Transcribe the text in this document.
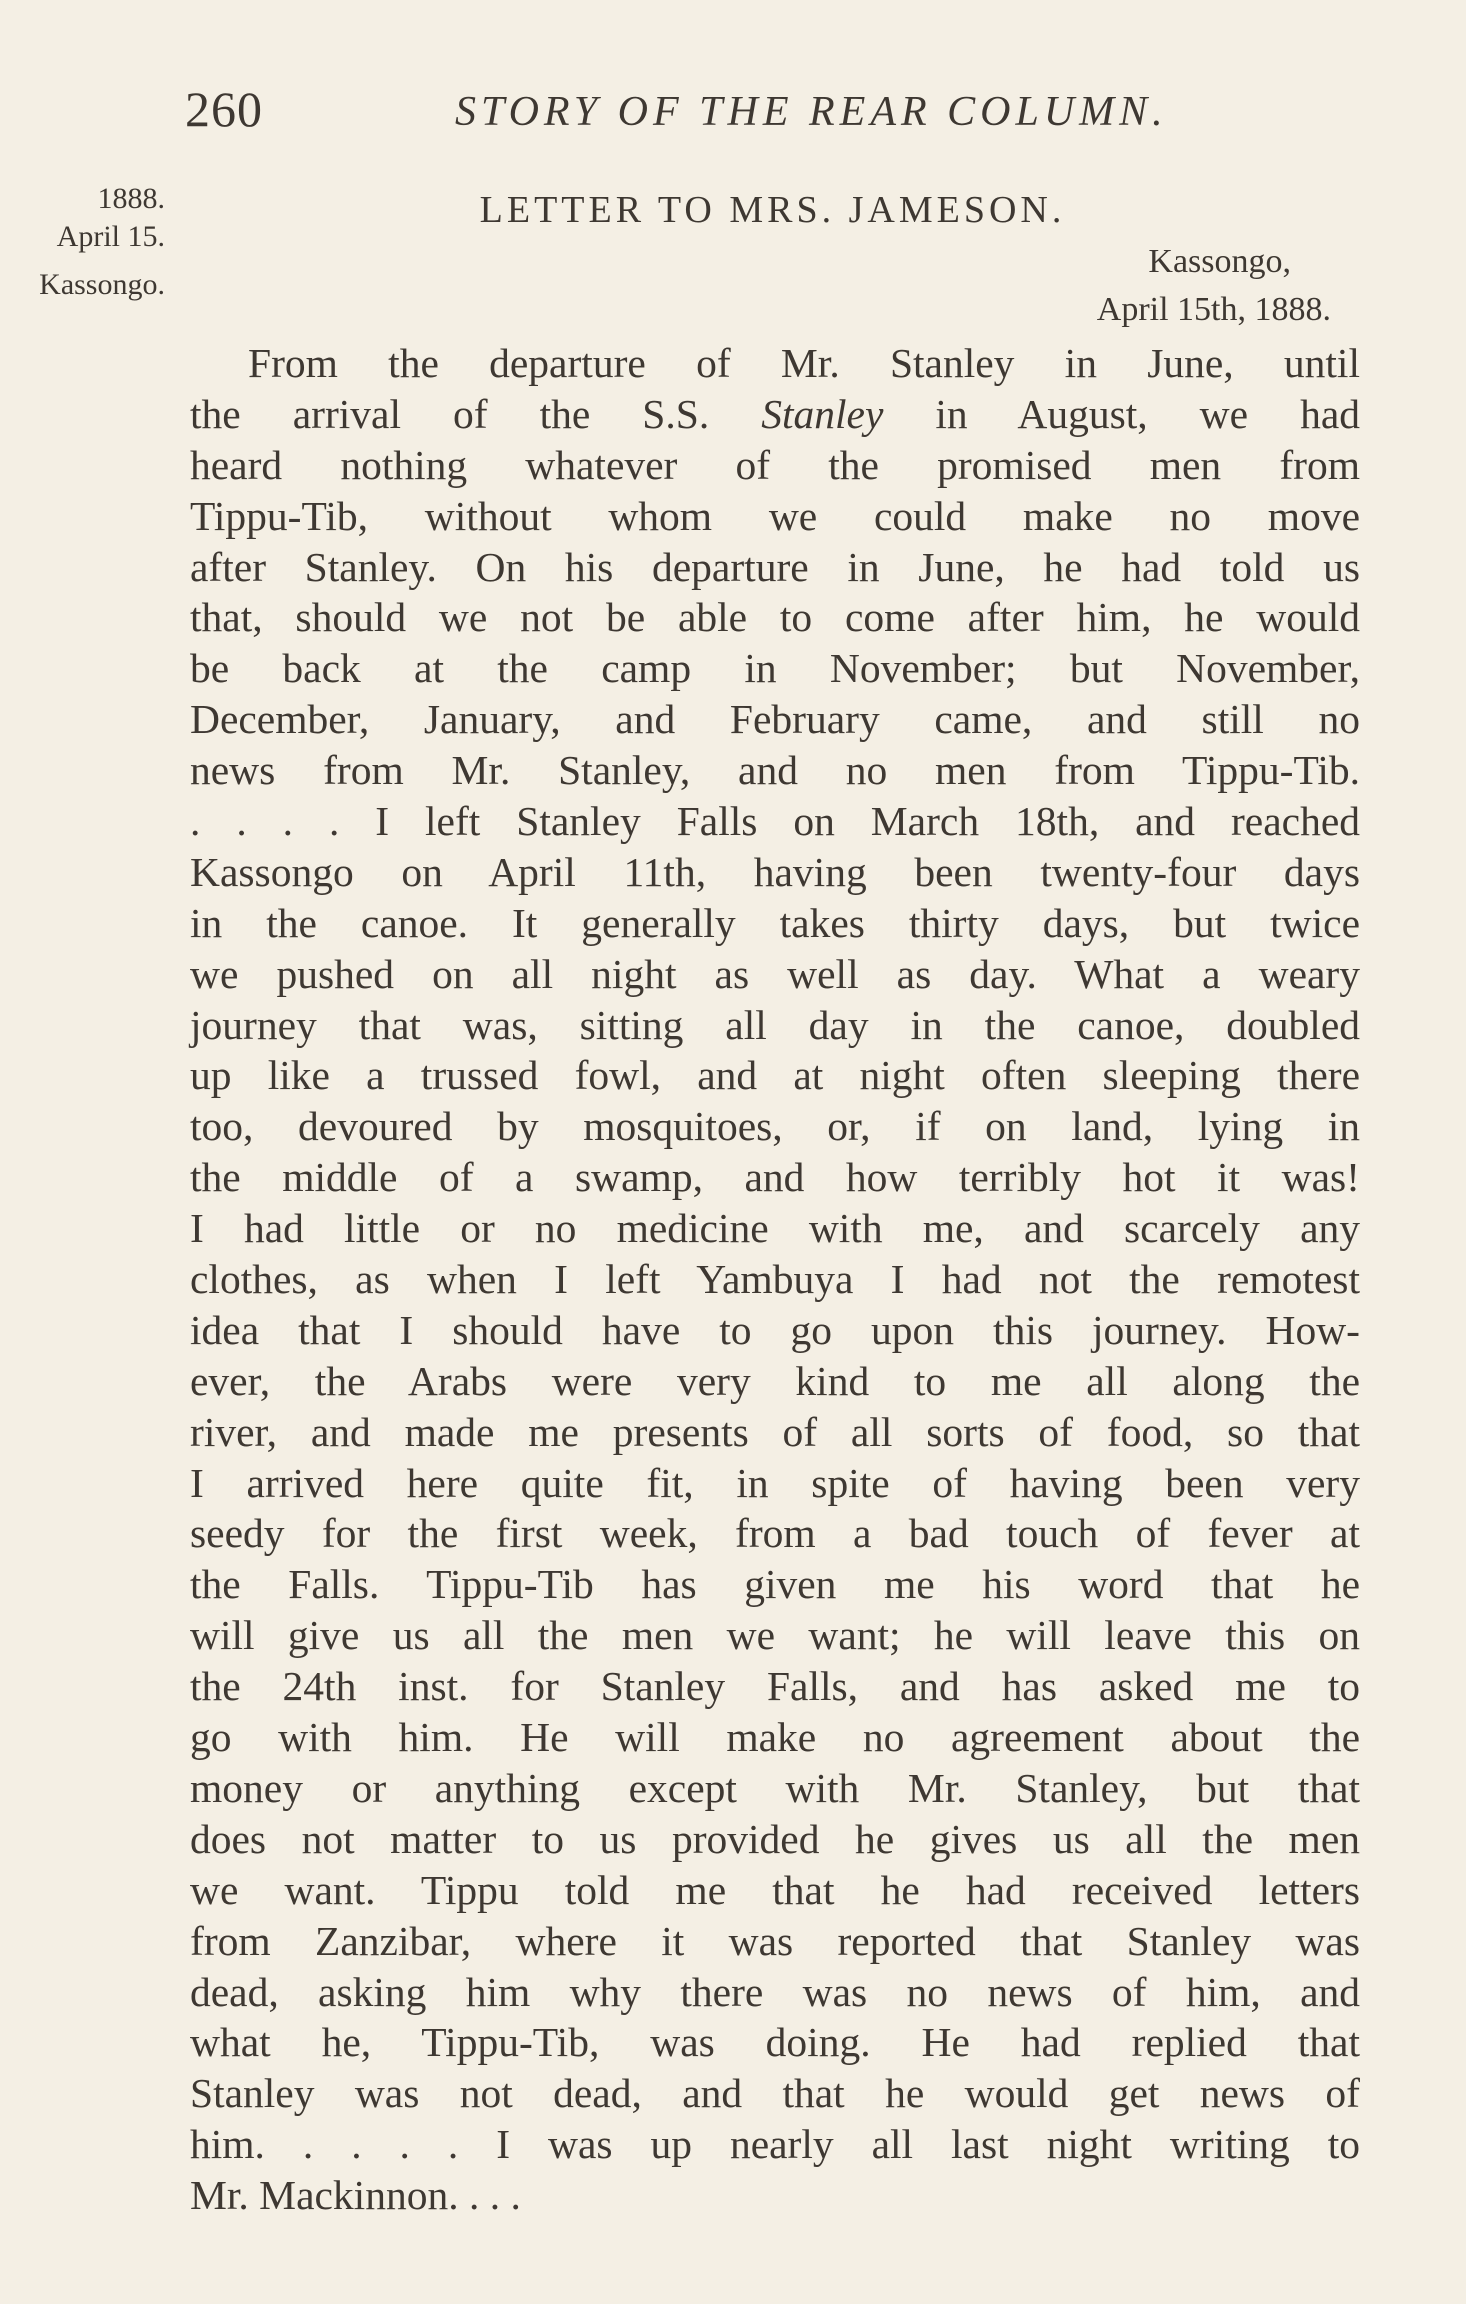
260	STORY OF THE REAR COLUMN.
1888.
April 15.
Kassongo.
LETTER TO MRS. JAMESON.
Kassongo,
April 15th, 1888.
From the departure of Mr. Stanley in June, until
the arrival of the S.S. Stanley in August, we had
heard nothing whatever of the promised men from
Tippu-Tib, without whom we could make no move
after Stanley. On his departure in June, he had told us
that, should we not be able to come after him, he would
be back at the camp in November; but November,
December, January, and February came, and still no
news from Mr. Stanley, and no men from Tippu-Tib.
. . . . I left Stanley Falls on March 18th, and reached
Kassongo on April 11th, having been twenty-four days
in the canoe. It generally takes thirty days, but twice
we pushed on all night as well as day. What a weary
journey that was, sitting all day in the canoe, doubled
up like a trussed fowl, and at night often sleeping there
too, devoured by mosquitoes, or, if on land, lying in
the middle of a swamp, and how terribly hot it was!
I had little or no medicine with me, and scarcely any
clothes, as when I left Yambuya I had not the remotest
idea that I should have to go upon this journey. How-
ever, the Arabs were very kind to me all along the
river, and made me presents of all sorts of food, so that
I arrived here quite fit, in spite of having been very
seedy for the first week, from a bad touch of fever at
the Falls. Tippu-Tib has given me his word that he
will give us all the men we want; he will leave this on
the 24th inst. for Stanley Falls, and has asked me to
go with him. He will make no agreement about the
money or anything except with Mr. Stanley, but that
does not matter to us provided he gives us all the men
we want. Tippu told me that he had received letters
from Zanzibar, where it was reported that Stanley was
dead, asking him why there was no news of him, and
what he, Tippu-Tib, was doing. He had replied that
Stanley was not dead, and that he would get news of
him. . . . . I was up nearly all last night writing to
Mr. Mackinnon. . . .
